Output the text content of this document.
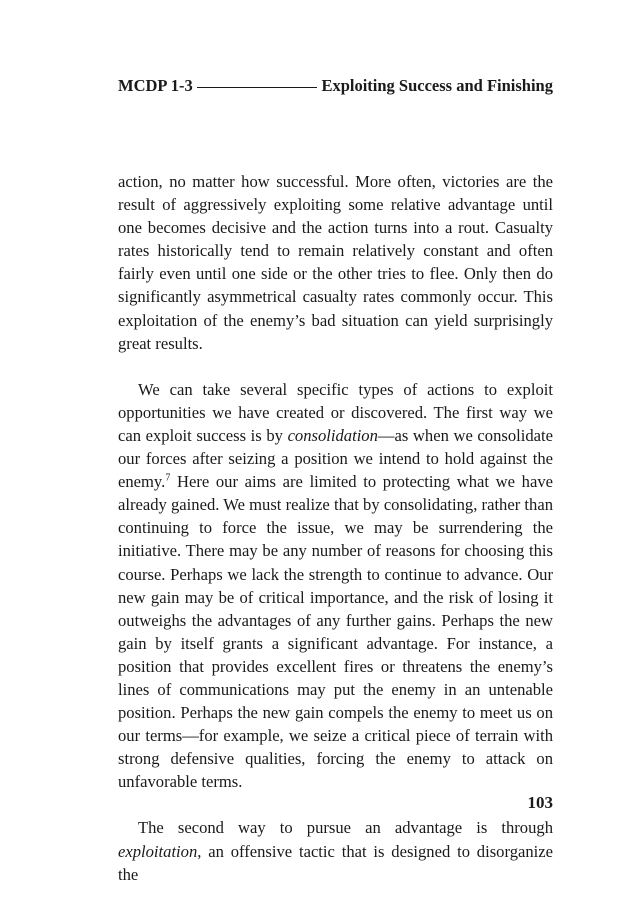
MCDP 1-3	Exploiting Success and Finishing

action, no matter how successful. More often, victories are the result of aggressively exploiting some relative advantage until one becomes decisive and the action turns into a rout. Casualty rates historically tend to remain relatively constant and often fairly even until one side or the other tries to flee. Only then do significantly asymmetrical casualty rates commonly occur. This exploitation of the enemy’s bad situation can yield surprisingly great results.

We can take several specific types of actions to exploit opportunities we have created or discovered. The first way we can exploit success is by consolidation—as when we consolidate our forces after seizing a position we intend to hold against the enemy.$^7$ Here our aims are limited to protecting what we have already gained. We must realize that by consolidating, rather than continuing to force the issue, we may be surrendering the initiative. There may be any number of reasons for choosing this course. Perhaps we lack the strength to continue to advance. Our new gain may be of critical importance, and the risk of losing it outweighs the advantages of any further gains. Perhaps the new gain by itself grants a significant advantage. For instance, a position that provides excellent fires or threatens the enemy’s lines of communications may put the enemy in an untenable position. Perhaps the new gain compels the enemy to meet us on our terms—for example, we seize a critical piece of terrain with strong defensive qualities, forcing the enemy to attack on unfavorable terms.

The second way to pursue an advantage is through exploitation, an offensive tactic that is designed to disorganize the

103
